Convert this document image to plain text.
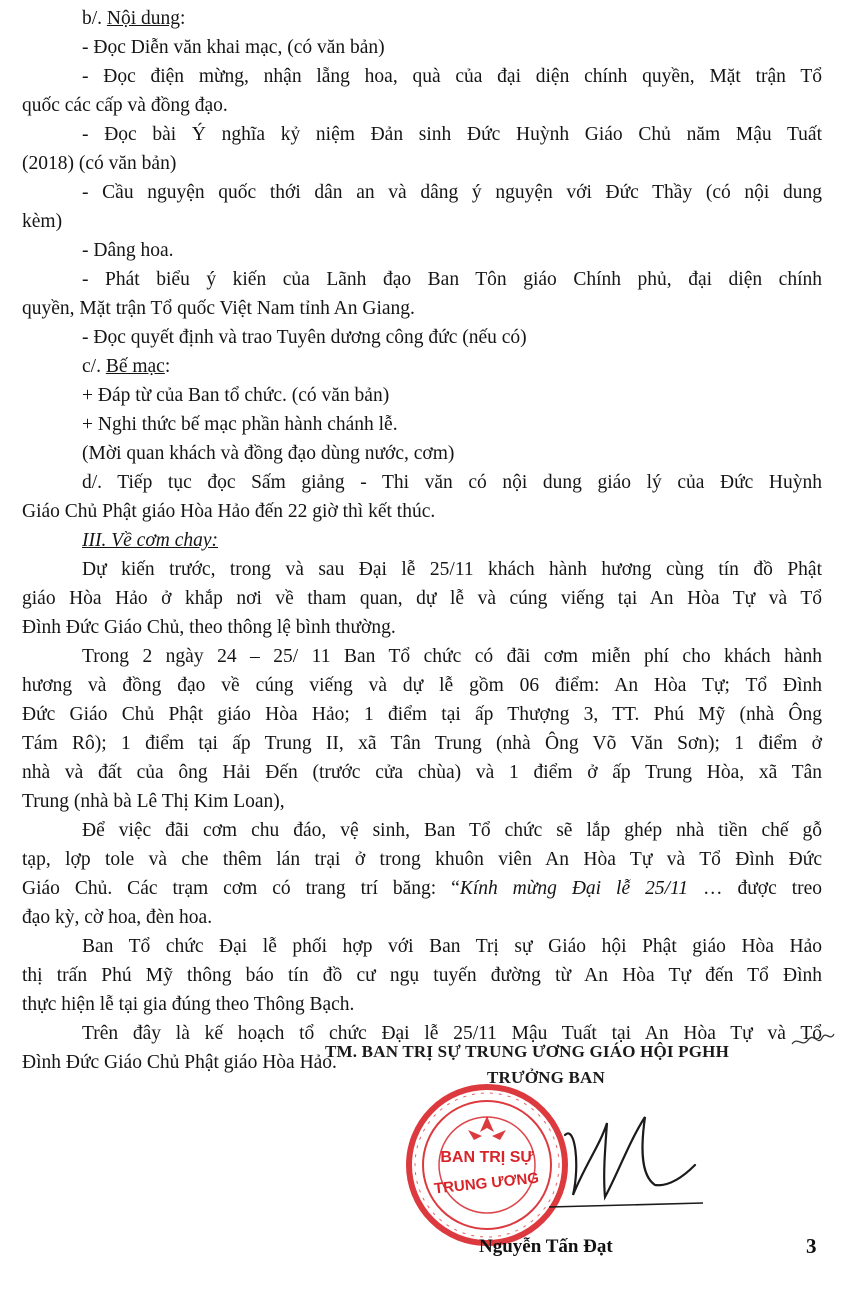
b/. Nội dung:
- Đọc Diễn văn khai mạc, (có văn bản)
- Đọc điện mừng, nhận lẵng hoa, quà của đại diện chính quyền, Mặt trận Tổ
quốc các cấp và đồng đạo.
- Đọc bài Ý nghĩa kỷ niệm Đản sinh Đức Huỳnh Giáo Chủ năm Mậu Tuất
(2018) (có văn bản)
- Cầu nguyện quốc thới dân an và dâng ý nguyện với Đức Thầy (có nội dung
kèm)
- Dâng hoa.
- Phát biểu ý kiến của Lãnh đạo Ban Tôn giáo Chính phủ, đại diện chính
quyền, Mặt trận Tổ quốc Việt Nam tỉnh An Giang.
- Đọc quyết định và trao Tuyên dương công đức (nếu có)
c/. Bế mạc:
+ Đáp từ của Ban tổ chức. (có văn bản)
+ Nghi thức bế mạc phần hành chánh lễ.
(Mời quan khách và đồng đạo dùng nước, cơm)
d/. Tiếp tục đọc Sấm giảng - Thi văn có nội dung giáo lý của Đức Huỳnh
Giáo Chủ Phật giáo Hòa Hảo đến 22 giờ thì kết thúc.
III. Về cơm chay:
Dự kiến trước, trong và sau Đại lễ 25/11 khách hành hương cùng tín đồ Phật
giáo Hòa Hảo ở khắp nơi về tham quan, dự lễ và cúng viếng tại An Hòa Tự và Tổ
Đình Đức Giáo Chủ, theo thông lệ bình thường.
Trong 2 ngày 24 – 25/ 11 Ban Tổ chức có đãi cơm miễn phí cho khách hành
hương và đồng đạo về cúng viếng và dự lễ gồm 06 điểm: An Hòa Tự; Tổ Đình
Đức Giáo Chủ Phật giáo Hòa Hảo; 1 điểm tại ấp Thượng 3, TT. Phú Mỹ (nhà Ông
Tám Rô); 1 điểm tại ấp Trung II, xã Tân Trung (nhà Ông Võ Văn Sơn); 1 điểm ở
nhà và đất của ông Hải Đến (trước cửa chùa) và 1 điểm ở ấp Trung Hòa, xã Tân
Trung (nhà bà Lê Thị Kim Loan),
Để việc đãi cơm chu đáo, vệ sinh, Ban Tổ chức sẽ lắp ghép nhà tiền chế gỗ
tạp, lợp tole và che thêm lán trại ở trong khuôn viên An Hòa Tự và Tổ Đình Đức
Giáo Chủ. Các trạm cơm có trang trí băng: “Kính mừng Đại lễ 25/11 … được treo
đạo kỳ, cờ hoa, đèn hoa.
Ban Tổ chức Đại lễ phối hợp với Ban Trị sự Giáo hội Phật giáo Hòa Hảo
thị trấn Phú Mỹ thông báo tín đồ cư ngụ tuyến đường từ An Hòa Tự đến Tổ Đình
thực hiện lễ tại gia đúng theo Thông Bạch.
Trên đây là kế hoạch tổ chức Đại lễ 25/11 Mậu Tuất tại An Hòa Tự và Tổ
Đình Đức Giáo Chủ Phật giáo Hòa Hảo.
TM. BAN TRỊ SỰ TRUNG ƯƠNG GIÁO HỘI PGHH
TRƯỞNG BAN
BAN TRỊ SỰ
TRUNG ƯƠNG
Nguyễn Tấn Đạt	3
